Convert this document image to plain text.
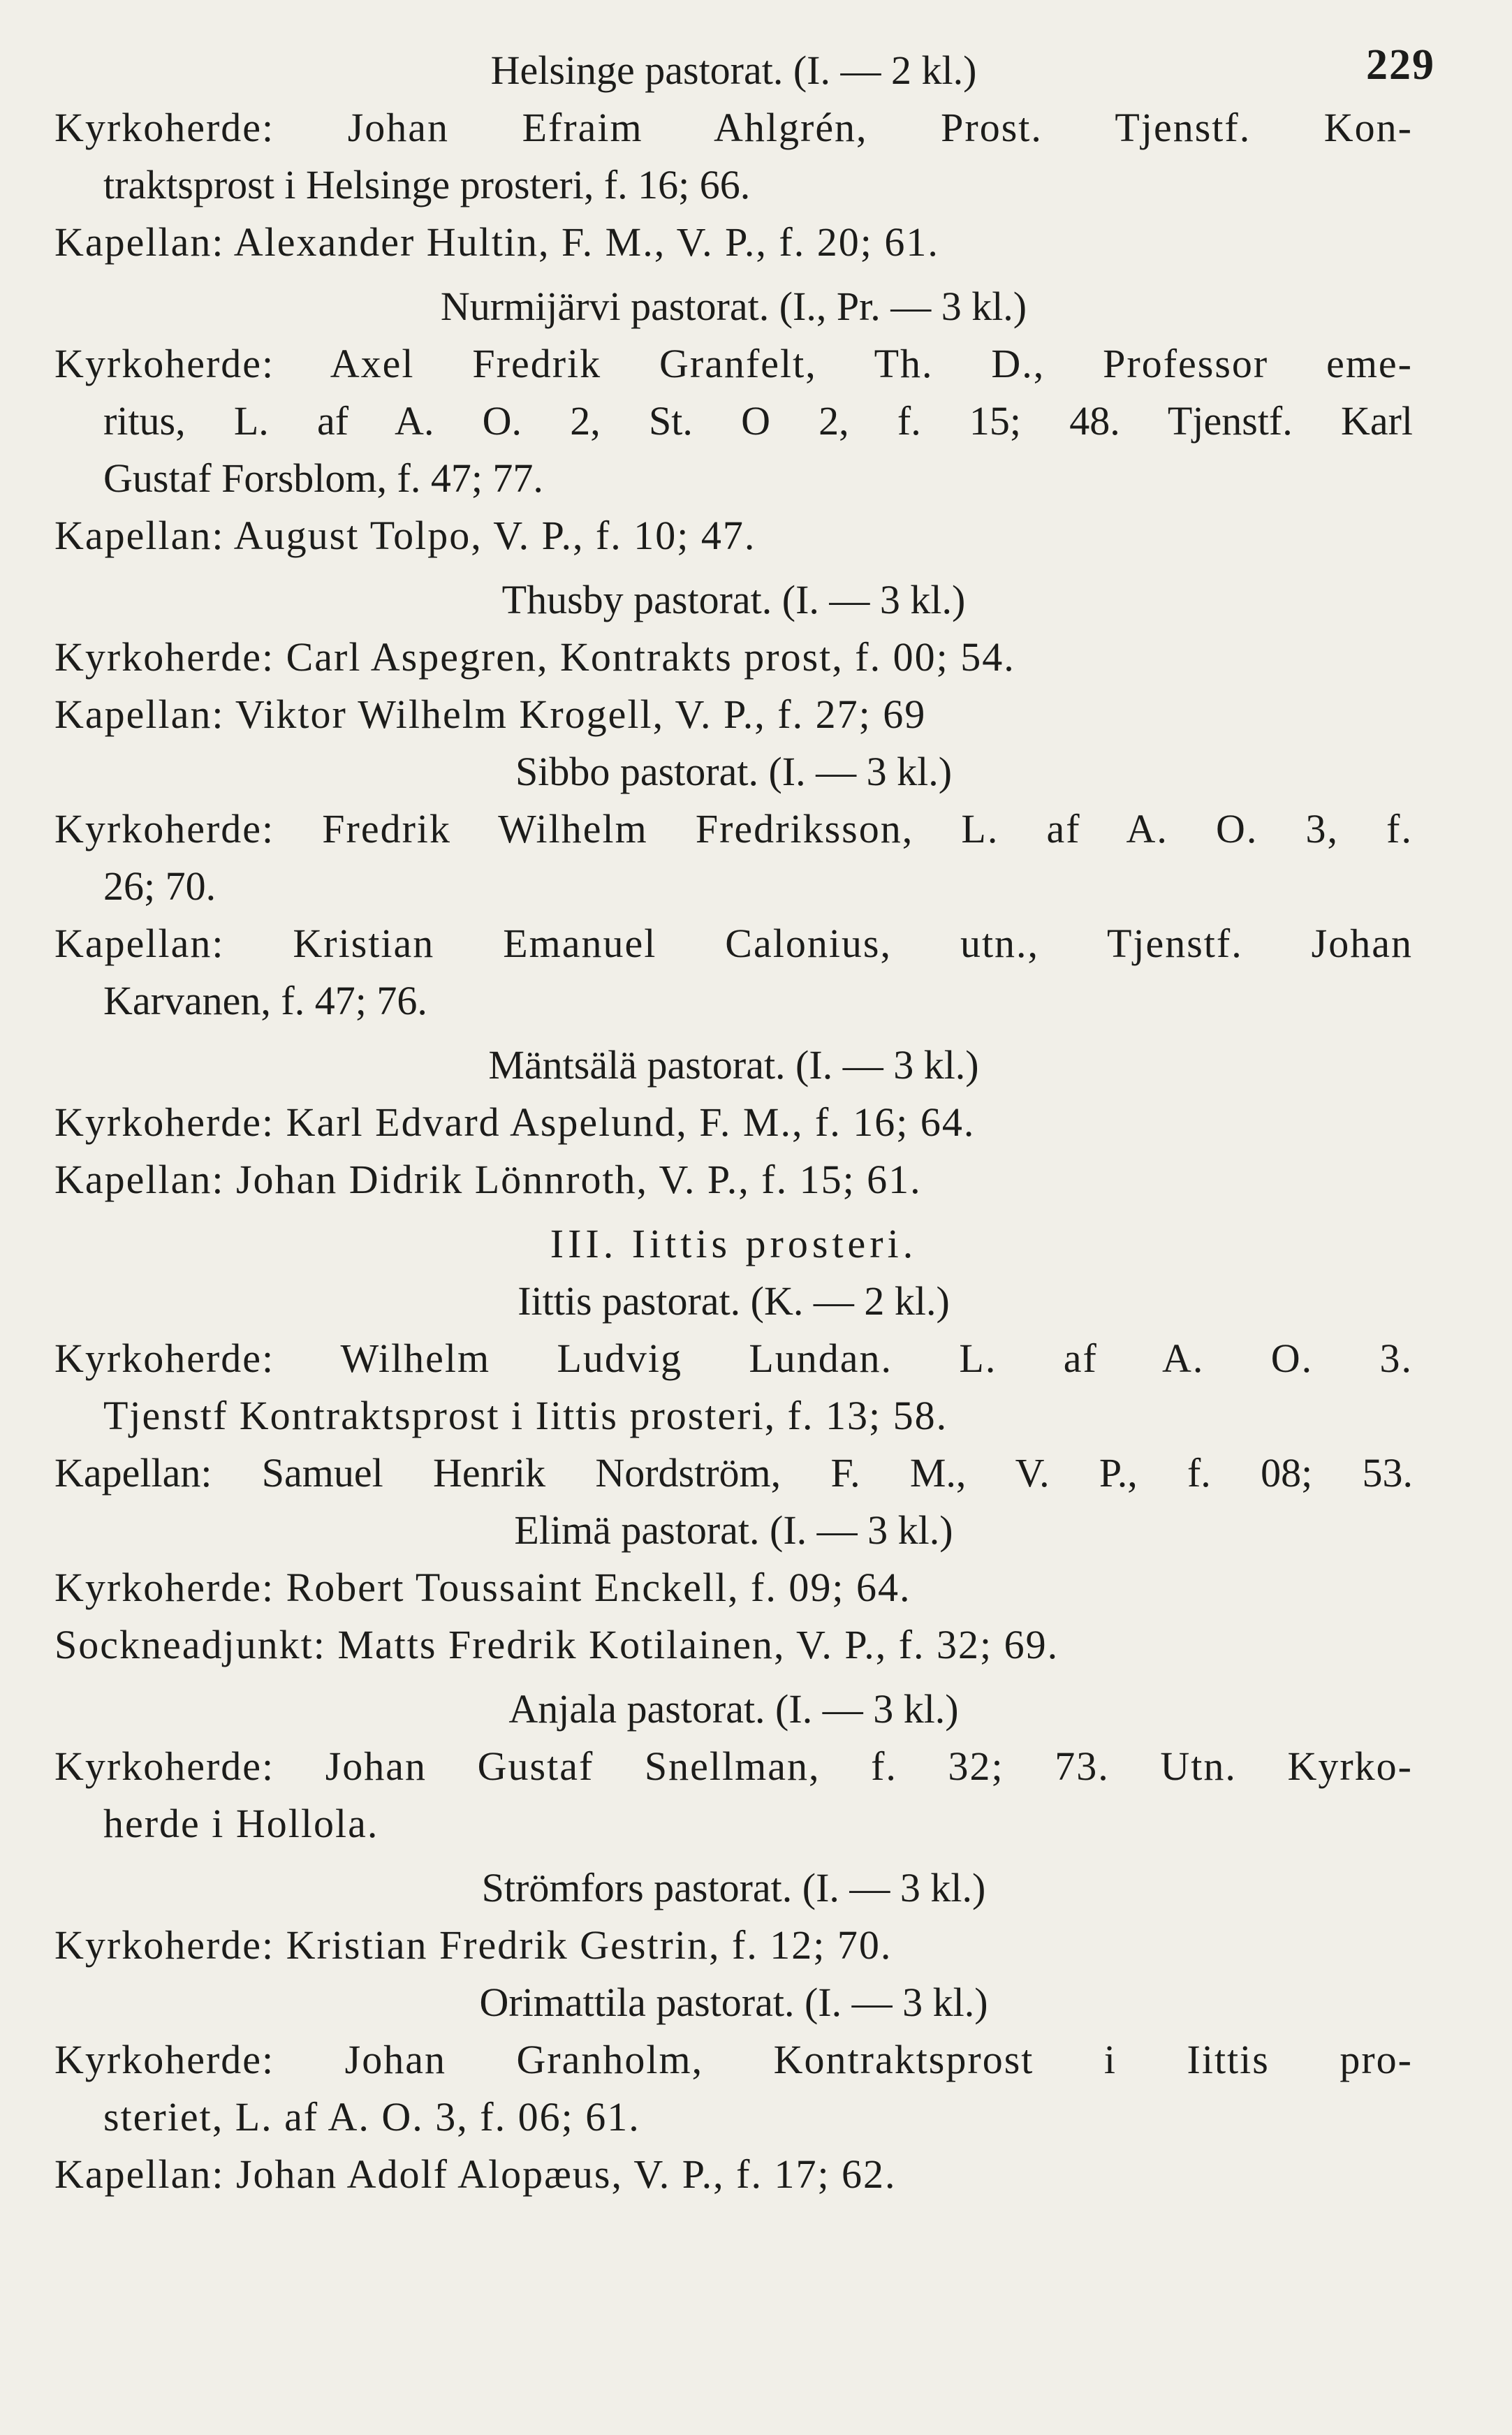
229
Helsinge pastorat. (I. — 2 kl.)
Kyrkoherde: Johan Efraim Ahlgrén, Prost. Tjenstf. Kon-
traktsprost i Helsinge prosteri, f. 16; 66.
Kapellan: Alexander Hultin, F. M., V. P., f. 20; 61.
Nurmijärvi pastorat. (I., Pr. — 3 kl.)
Kyrkoherde: Axel Fredrik Granfelt, Th. D., Professor eme-
ritus, L. af A. O. 2, St. O 2, f. 15; 48. Tjenstf. Karl
Gustaf Forsblom, f. 47; 77.
Kapellan: August Tolpo, V. P., f. 10; 47.
Thusby pastorat. (I. — 3 kl.)
Kyrkoherde: Carl Aspegren, Kontrakts prost, f. 00; 54.
Kapellan: Viktor Wilhelm Krogell, V. P., f. 27; 69
Sibbo pastorat. (I. — 3 kl.)
Kyrkoherde: Fredrik Wilhelm Fredriksson, L. af A. O. 3, f.
26; 70.
Kapellan: Kristian Emanuel Calonius, utn., Tjenstf. Johan
Karvanen, f. 47; 76.
Mäntsälä pastorat. (I. — 3 kl.)
Kyrkoherde: Karl Edvard Aspelund, F. M., f. 16; 64.
Kapellan: Johan Didrik Lönnroth, V. P., f. 15; 61.
III. Iittis prosteri.
Iittis pastorat. (K. — 2 kl.)
Kyrkoherde: Wilhelm Ludvig Lundan. L. af A. O. 3.
Tjenstf Kontraktsprost i Iittis prosteri, f. 13; 58.
Kapellan: Samuel Henrik Nordström, F. M., V. P., f. 08; 53.
Elimä pastorat. (I. — 3 kl.)
Kyrkoherde: Robert Toussaint Enckell, f. 09; 64.
Sockneadjunkt: Matts Fredrik Kotilainen, V. P., f. 32; 69.
Anjala pastorat. (I. — 3 kl.)
Kyrkoherde: Johan Gustaf Snellman, f. 32; 73. Utn. Kyrko-
herde i Hollola.
Strömfors pastorat. (I. — 3 kl.)
Kyrkoherde: Kristian Fredrik Gestrin, f. 12; 70.
Orimattila pastorat. (I. — 3 kl.)
Kyrkoherde: Johan Granholm, Kontraktsprost i Iittis pro-
steriet, L. af A. O. 3, f. 06; 61.
Kapellan: Johan Adolf Alopæus, V. P., f. 17; 62.
